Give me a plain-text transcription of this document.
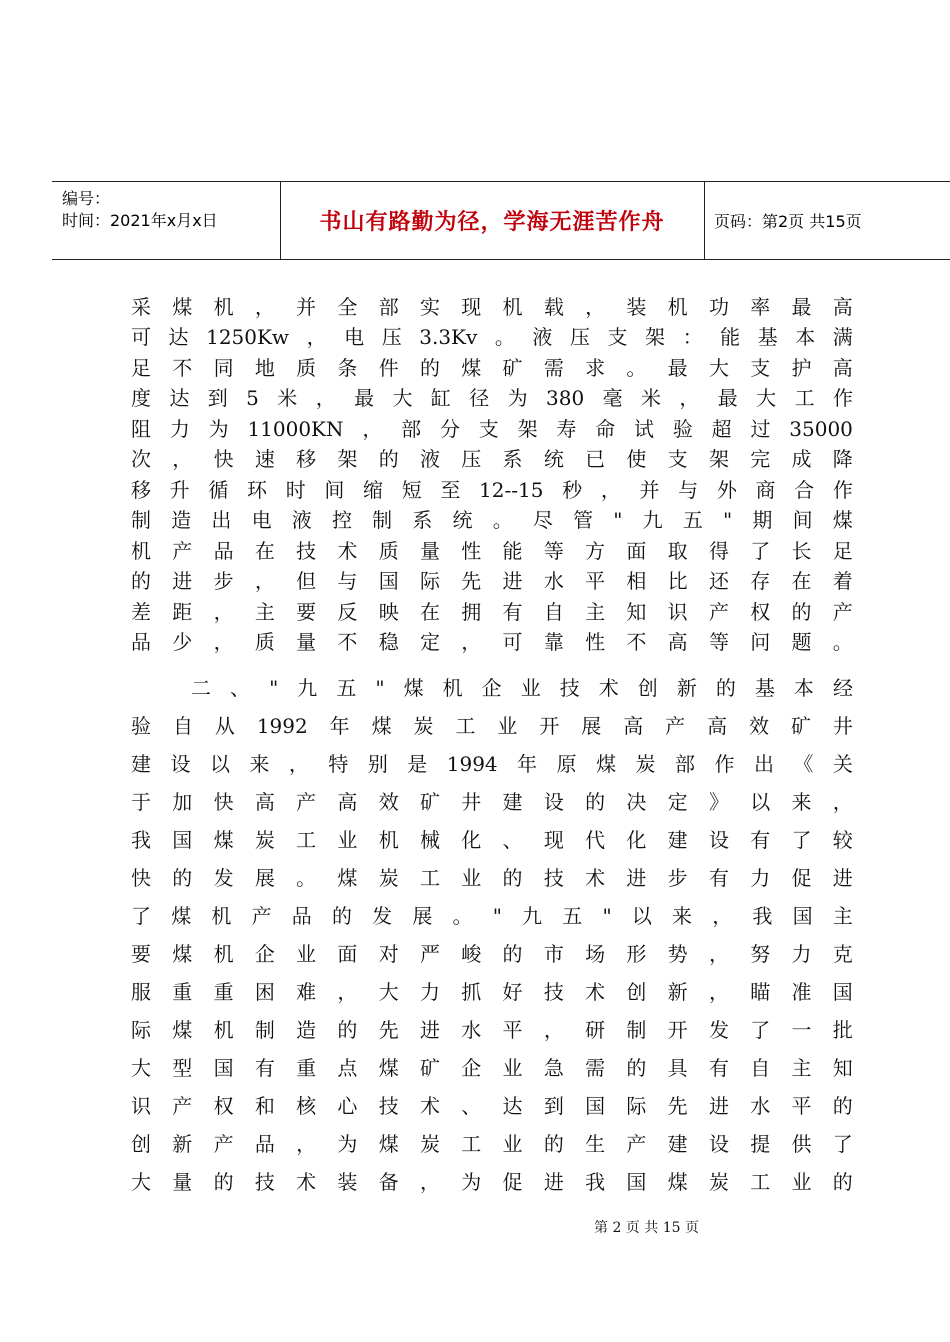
编号：
时间：2021年x月x日	书山有路勤为径，学海无涯苦作舟	页码：第2页 共15页
采 煤 机 ， 并 全 部 实 现 机 载 ， 装 机 功 率 最 高
可 达 1250Kw ， 电 压 3.3Kv 。 液 压 支 架 ： 能 基 本 满
足 不 同 地 质 条 件 的 煤 矿 需 求 。 最 大 支 护 高
度 达 到 5 米 ， 最 大 缸 径 为 380 毫 米 ， 最 大 工 作
阻 力 为 11000KN ， 部 分 支 架 寿 命 试 验 超 过 35000
次 ， 快 速 移 架 的 液 压 系 统 已 使 支 架 完 成 降
移 升 循 环 时 间 缩 短 至 12--15 秒 ， 并 与 外 商 合 作
制 造 出 电 液 控 制 系 统 。 尽 管 " 九 五 " 期 间 煤
机 产 品 在 技 术 质 量 性 能 等 方 面 取 得 了 长 足
的 进 步 ， 但 与 国 际 先 进 水 平 相 比 还 存 在 着
差 距 ， 主 要 反 映 在 拥 有 自 主 知 识 产 权 的 产
品 少 ， 质 量 不 稳 定 ， 可 靠 性 不 高 等 问 题 。
二 、 " 九 五 " 煤 机 企 业 技 术 创 新 的 基 本 经
验 自 从 1992 年 煤 炭 工 业 开 展 高 产 高 效 矿 井
建 设 以 来 ， 特 别 是 1994 年 原 煤 炭 部 作 出 《 关
于 加 快 高 产 高 效 矿 井 建 设 的 决 定 》 以 来 ，
我 国 煤 炭 工 业 机 械 化 、 现 代 化 建 设 有 了 较
快 的 发 展 。 煤 炭 工 业 的 技 术 进 步 有 力 促 进
了 煤 机 产 品 的 发 展 。 " 九 五 " 以 来 ， 我 国 主
要 煤 机 企 业 面 对 严 峻 的 市 场 形 势 ， 努 力 克
服 重 重 困 难 ， 大 力 抓 好 技 术 创 新 ， 瞄 准 国
际 煤 机 制 造 的 先 进 水 平 ， 研 制 开 发 了 一 批
大 型 国 有 重 点 煤 矿 企 业 急 需 的 具 有 自 主 知
识 产 权 和 核 心 技 术 、 达 到 国 际 先 进 水 平 的
创 新 产 品 ， 为 煤 炭 工 业 的 生 产 建 设 提 供 了
大 量 的 技 术 装 备 ， 为 促 进 我 国 煤 炭 工 业 的
第 2 页 共 15 页
